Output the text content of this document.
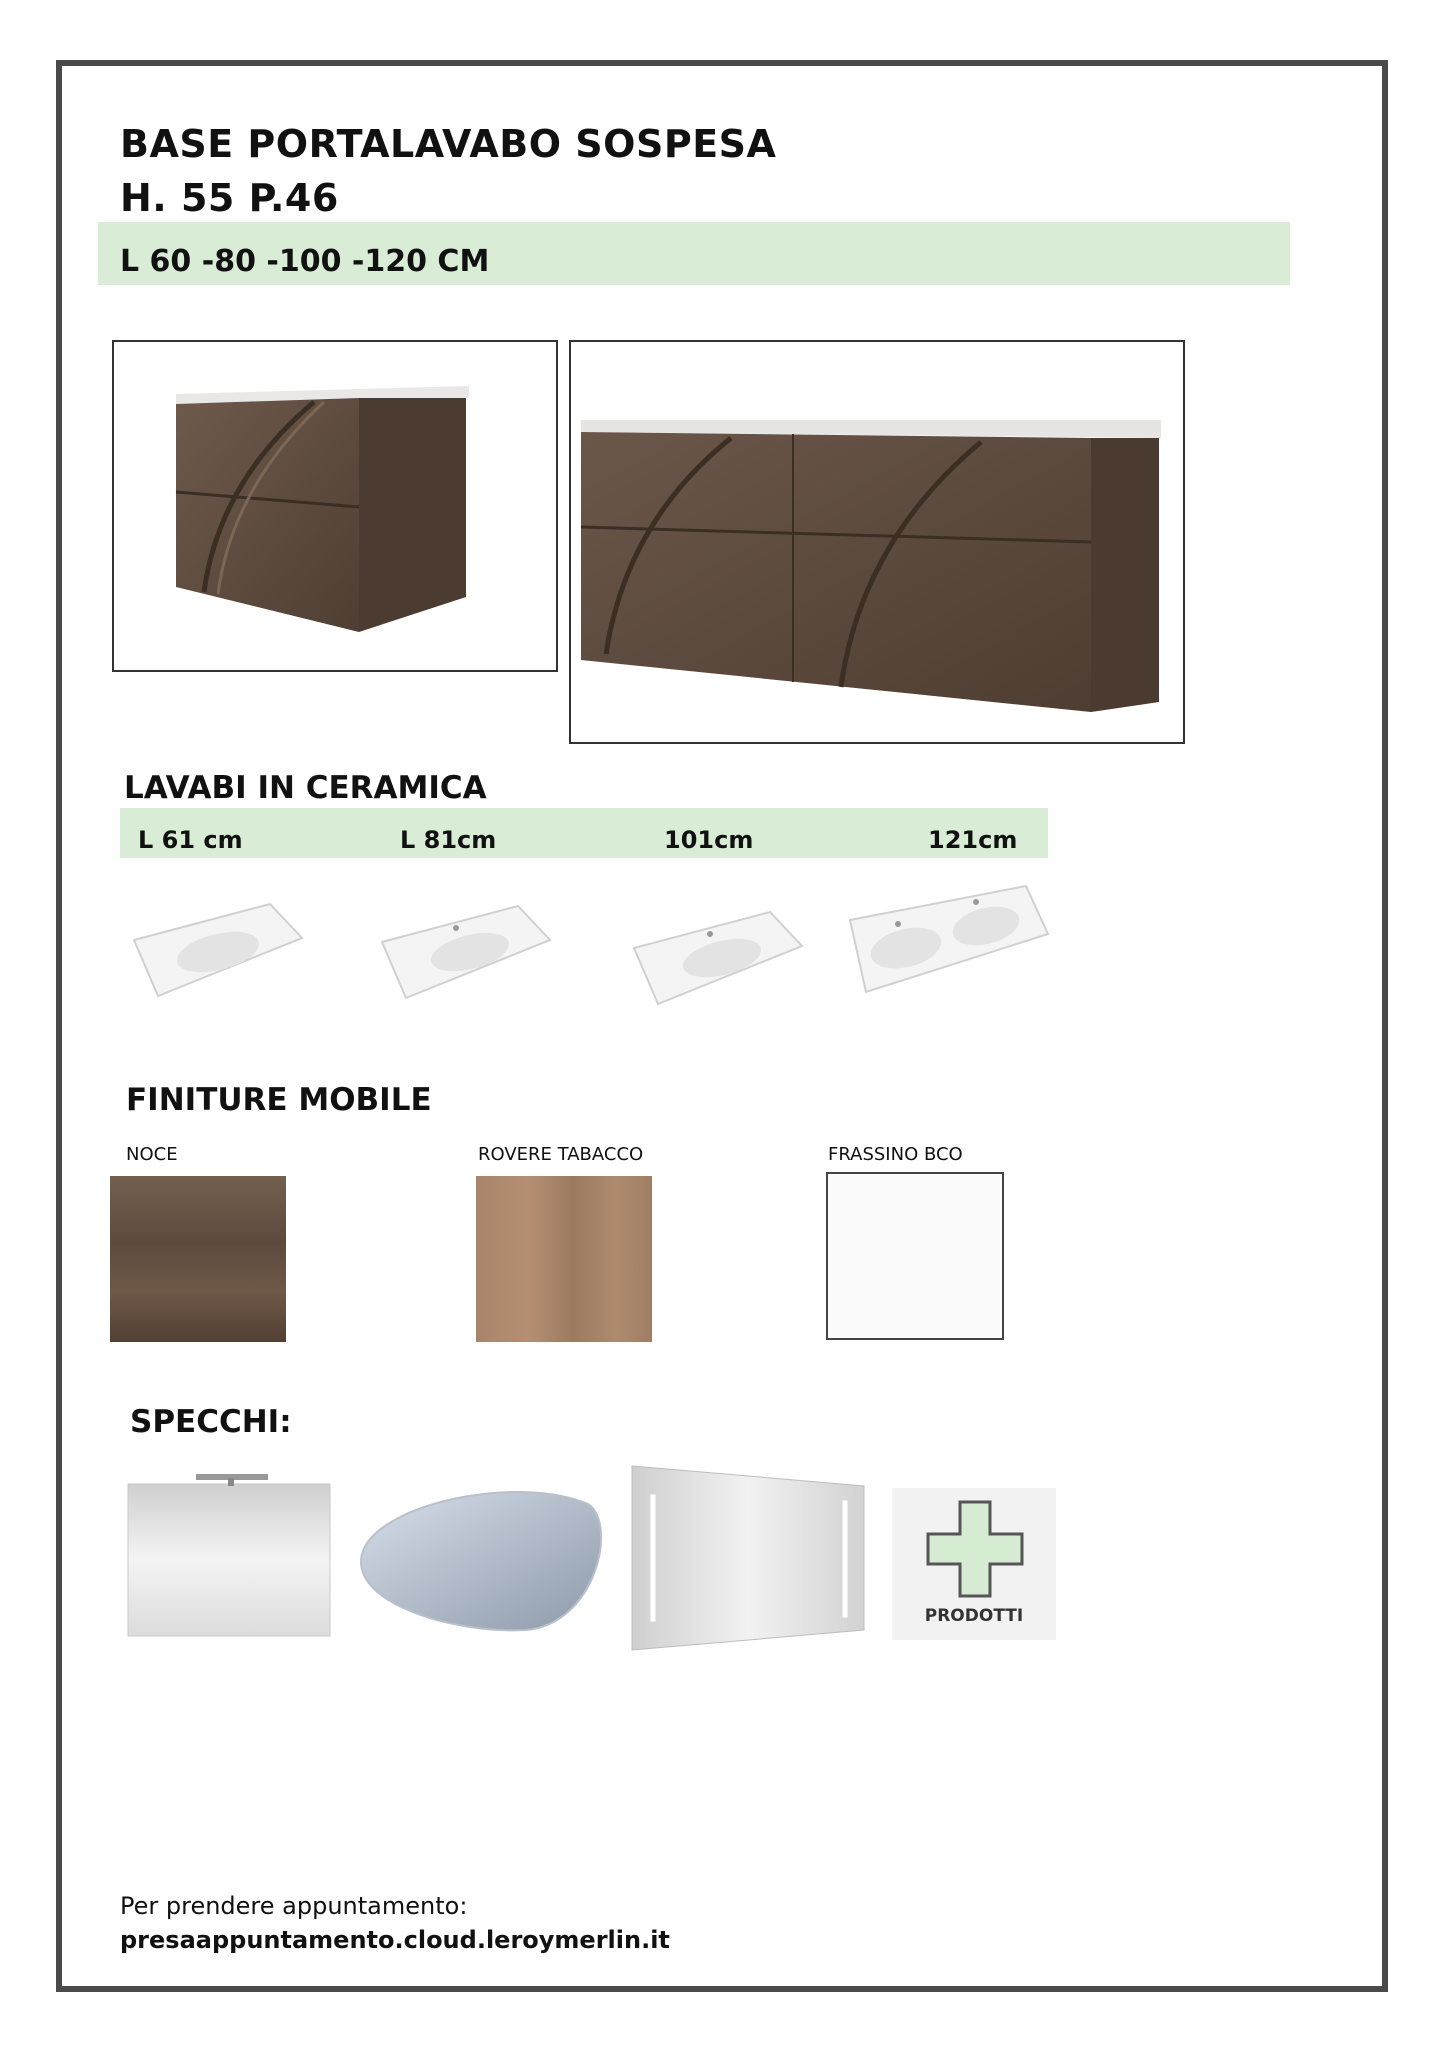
BASE PORTALAVABO SOSPESA
H. 55 P.46
L 60 -80 -100 -120 CM
LAVABI IN CERAMICA
L 61 cm	L 81cm	101cm	121cm
FINITURE MOBILE
NOCE	ROVERE TABACCO	FRASSINO BCO
SPECCHI:
PRODOTTI
Per prendere appuntamento:
presaappuntamento.cloud.leroymerlin.it
